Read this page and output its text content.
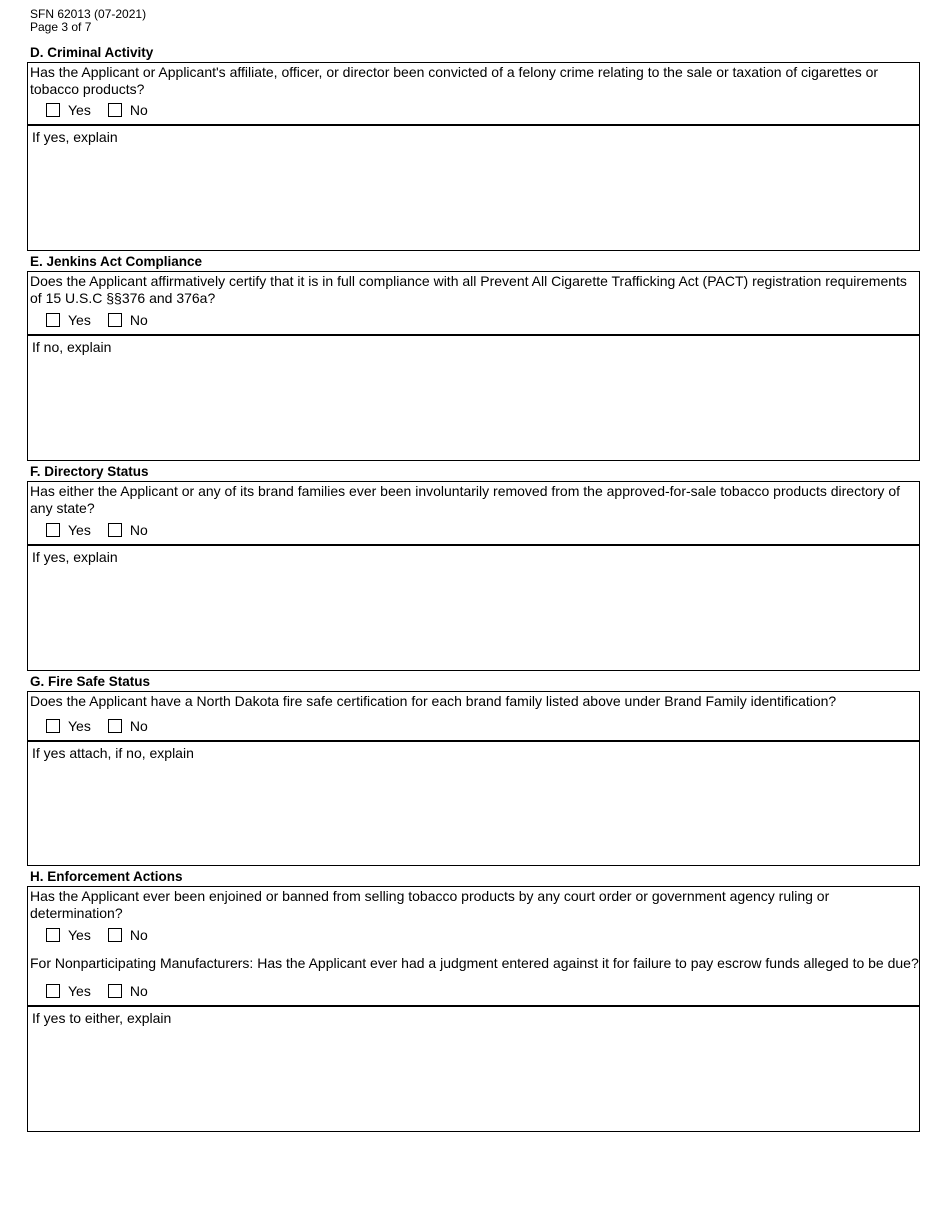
SFN 62013 (07-2021)
Page 3 of 7
D. Criminal Activity
Has the Applicant or Applicant's affiliate, officer, or director been convicted of a felony crime relating to the sale or taxation of cigarettes or tobacco products?
Yes	No
If yes, explain
E. Jenkins Act Compliance
Does the Applicant affirmatively certify that it is in full compliance with all Prevent All Cigarette Trafficking Act (PACT) registration requirements of 15 U.S.C §§376 and 376a?
Yes	No
If no, explain
F. Directory Status
Has either the Applicant or any of its brand families ever been involuntarily removed from the approved-for-sale tobacco products directory of any state?
Yes	No
If yes, explain
G. Fire Safe Status
Does the Applicant have a North Dakota fire safe certification for each brand family listed above under Brand Family identification?
Yes	No
If yes attach, if no, explain
H. Enforcement Actions
Has the Applicant ever been enjoined or banned from selling tobacco products by any court order or government agency ruling or determination?
Yes	No
For Nonparticipating Manufacturers: Has the Applicant ever had a judgment entered against it for failure to pay escrow funds alleged to be due?
Yes	No
If yes to either, explain
